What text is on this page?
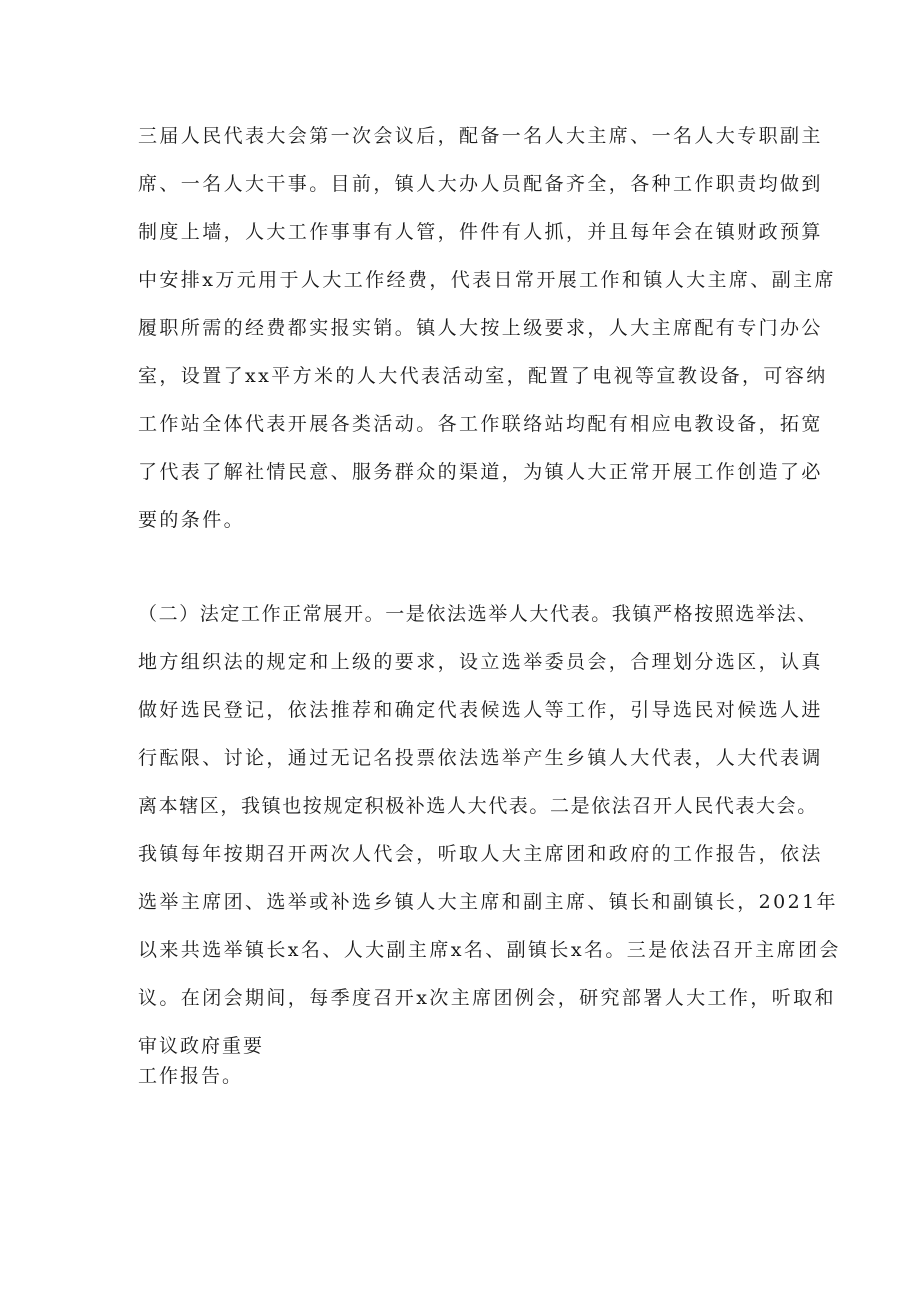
三届人民代表大会第一次会议后，配备一名人大主席、一名人大专职副主
席、一名人大干事。目前，镇人大办人员配备齐全，各种工作职责均做到
制度上墙，人大工作事事有人管，件件有人抓，并且每年会在镇财政预算
中安排x万元用于人大工作经费，代表日常开展工作和镇人大主席、副主席
履职所需的经费都实报实销。镇人大按上级要求，人大主席配有专门办公
室，设置了xx平方米的人大代表活动室，配置了电视等宣教设备，可容纳
工作站全体代表开展各类活动。各工作联络站均配有相应电教设备，拓宽
了代表了解社情民意、服务群众的渠道，为镇人大正常开展工作创造了必
要的条件。
（二）法定工作正常展开。一是依法选举人大代表。我镇严格按照选举法、
地方组织法的规定和上级的要求，设立选举委员会，合理划分选区，认真
做好选民登记，依法推荐和确定代表候选人等工作，引导选民对候选人进
行酝限、讨论，通过无记名投票依法选举产生乡镇人大代表，人大代表调
离本辖区，我镇也按规定积极补选人大代表。二是依法召开人民代表大会。
我镇每年按期召开两次人代会，听取人大主席团和政府的工作报告，依法
选举主席团、选举或补选乡镇人大主席和副主席、镇长和副镇长，2021年
以来共选举镇长x名、人大副主席x名、副镇长x名。三是依法召开主席团会
议。在闭会期间，每季度召开x次主席团例会，研究部署人大工作，听取和
审议政府重要
工作报告。
